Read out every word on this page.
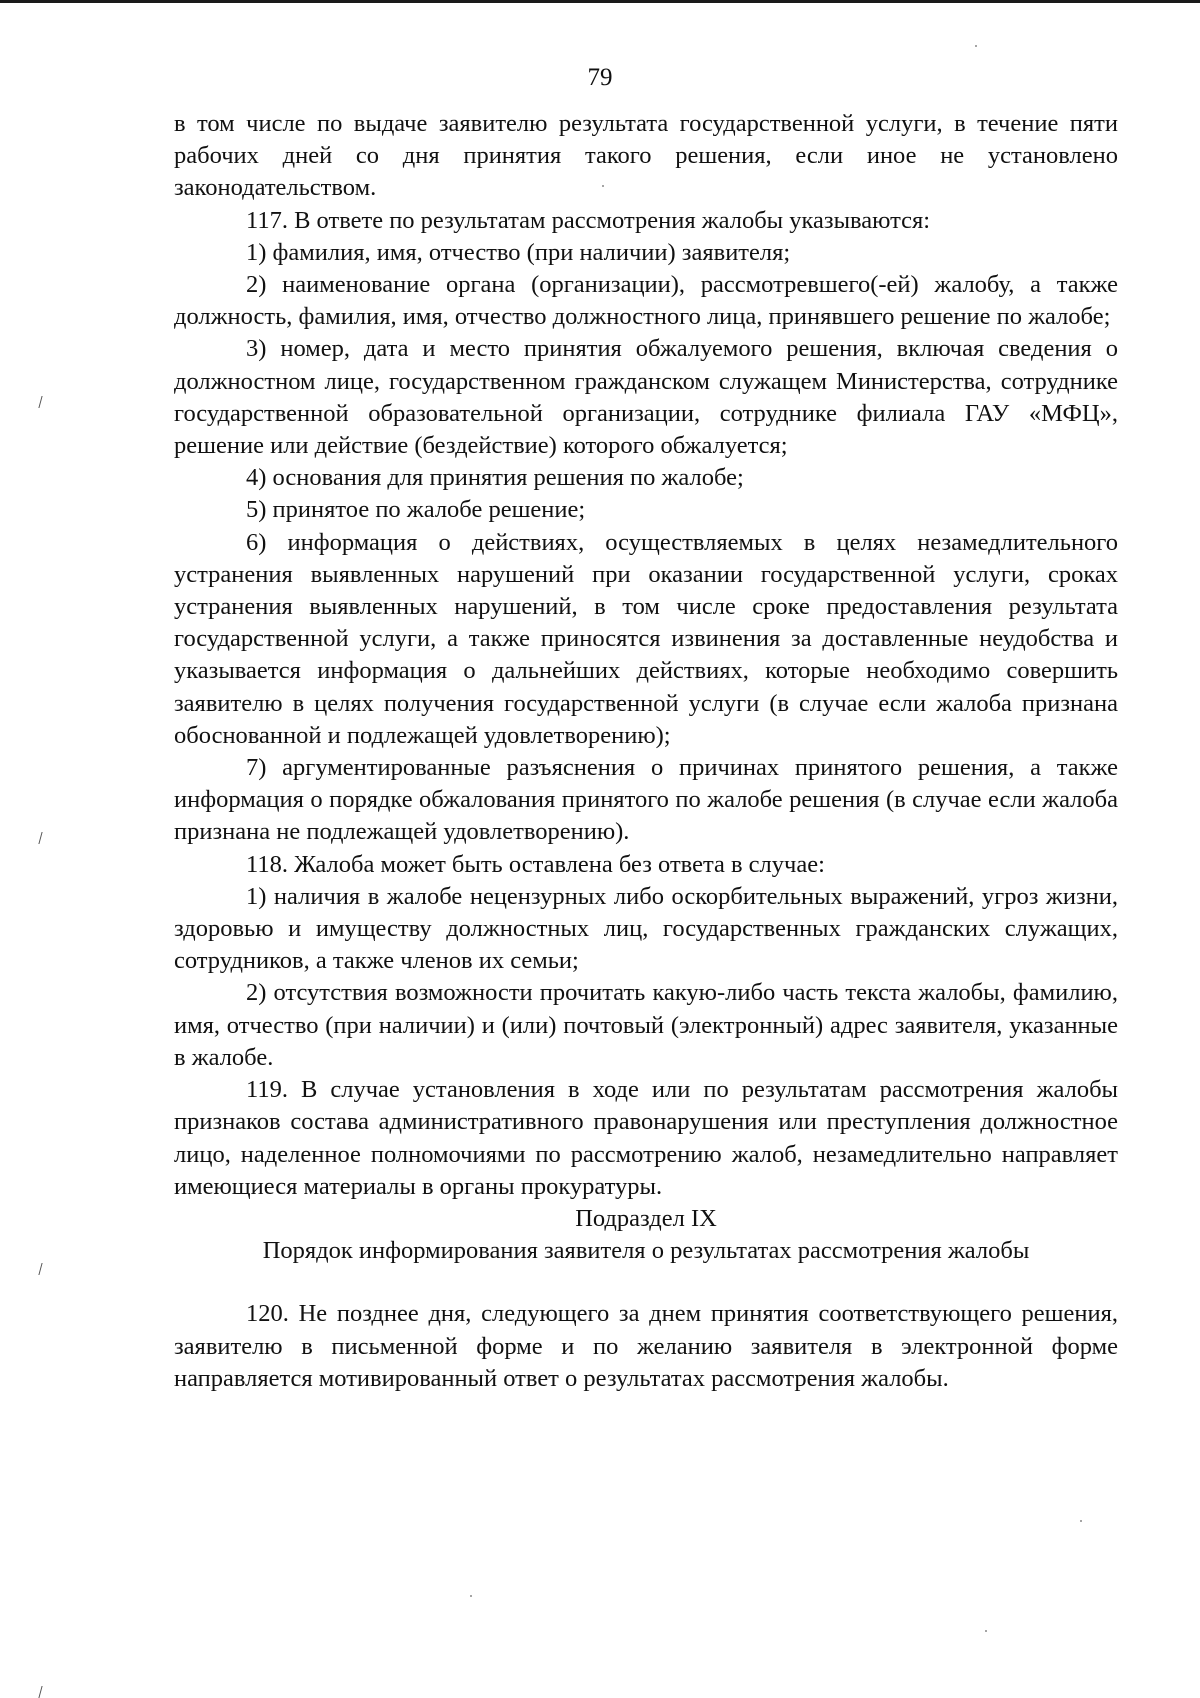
79

в том числе по выдаче заявителю результата государственной услуги, в течение пяти рабочих дней со дня принятия такого решения, если иное не установлено законодательством.

117. В ответе по результатам рассмотрения жалобы указываются:

1) фамилия, имя, отчество (при наличии) заявителя;

2) наименование органа (организации), рассмотревшего(-ей) жалобу, а также должность, фамилия, имя, отчество должностного лица, принявшего решение по жалобе;

3) номер, дата и место принятия обжалуемого решения, включая сведения о должностном лице, государственном гражданском служащем Министерства, сотруднике государственной образовательной организации, сотруднике филиала ГАУ «МФЦ», решение или действие (бездействие) которого обжалуется;

4) основания для принятия решения по жалобе;

5) принятое по жалобе решение;

6) информация о действиях, осуществляемых в целях незамедлительного устранения выявленных нарушений при оказании государственной услуги, сроках устранения выявленных нарушений, в том числе сроке предоставления результата государственной услуги, а также приносятся извинения за доставленные неудобства и указывается информация о дальнейших действиях, которые необходимо совершить заявителю в целях получения государственной услуги (в случае если жалоба признана обоснованной и подлежащей удовлетворению);

7) аргументированные разъяснения о причинах принятого решения, а также информация о порядке обжалования принятого по жалобе решения (в случае если жалоба признана не подлежащей удовлетворению).

118. Жалоба может быть оставлена без ответа в случае:

1) наличия в жалобе нецензурных либо оскорбительных выражений, угроз жизни, здоровью и имуществу должностных лиц, государственных гражданских служащих, сотрудников, а также членов их семьи;

2) отсутствия возможности прочитать какую-либо часть текста жалобы, фамилию, имя, отчество (при наличии) и (или) почтовый (электронный) адрес заявителя, указанные в жалобе.

119. В случае установления в ходе или по результатам рассмотрения жалобы признаков состава административного правонарушения или преступления должностное лицо, наделенное полномочиями по рассмотрению жалоб, незамедлительно направляет имеющиеся материалы в органы прокуратуры.

Подраздел IX

Порядок информирования заявителя о результатах рассмотрения жалобы

120. Не позднее дня, следующего за днем принятия соответствующего решения, заявителю в письменной форме и по желанию заявителя в электронной форме направляется мотивированный ответ о результатах рассмотрения жалобы.
